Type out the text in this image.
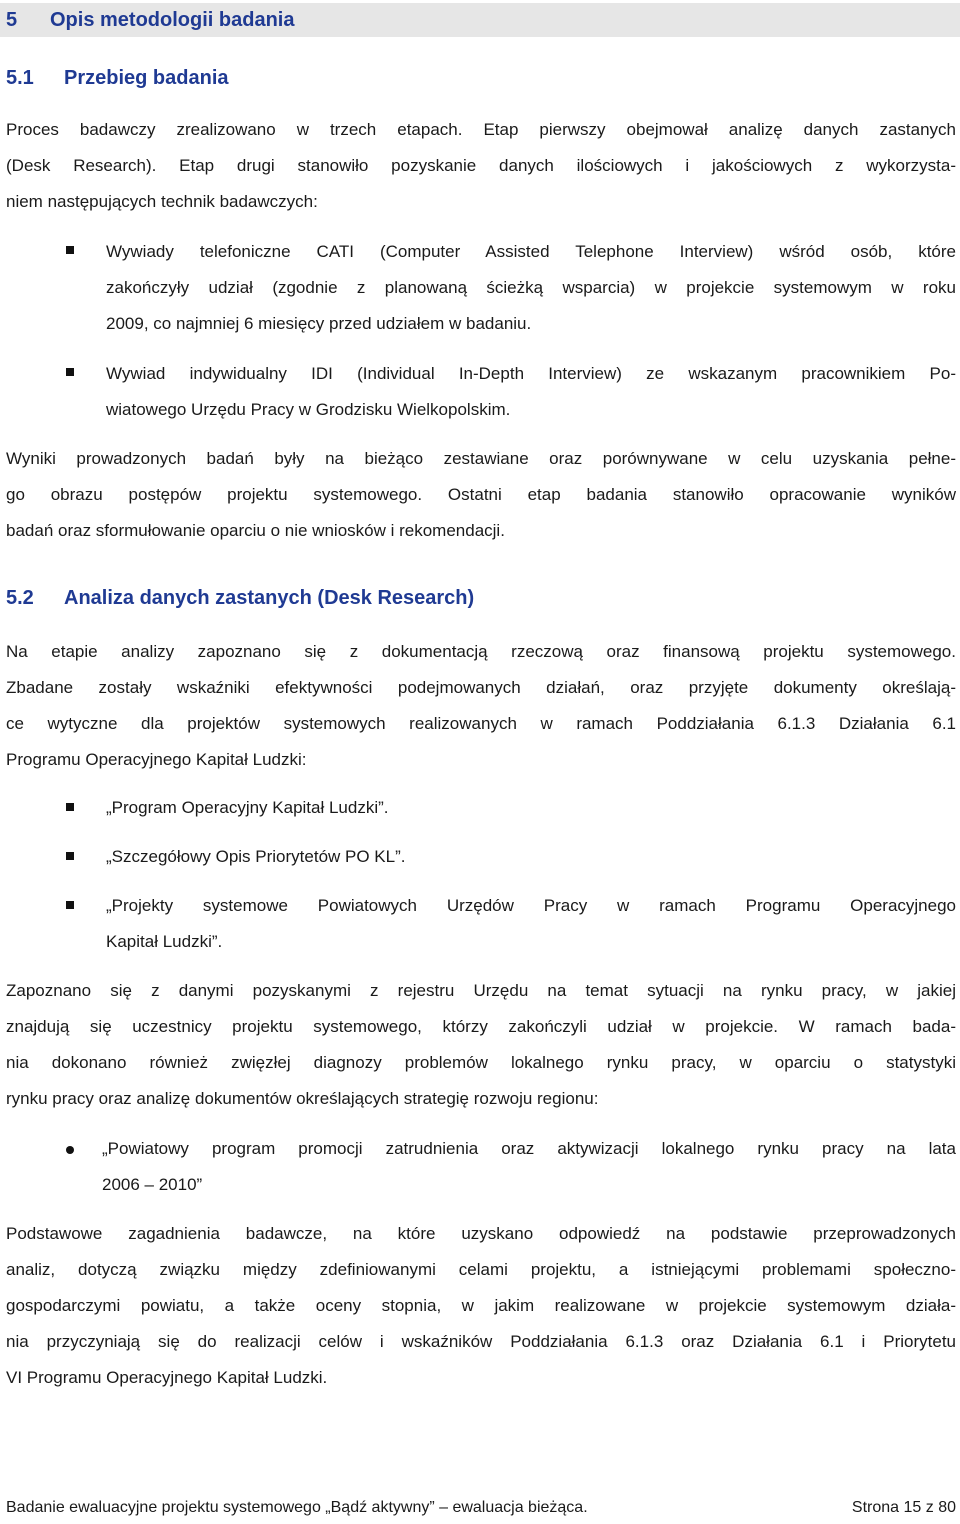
5 Opis metodologii badania
5.1 Przebieg badania
Proces badawczy zrealizowano w trzech etapach. Etap pierwszy obejmował analizę danych zastanych
(Desk Research). Etap drugi stanowiło pozyskanie danych ilościowych i jakościowych z wykorzysta-
niem następujących technik badawczych:
Wywiady telefoniczne CATI (Computer Assisted Telephone Interview) wśród osób, które
zakończyły udział (zgodnie z planowaną ścieżką wsparcia) w projekcie systemowym w roku
2009, co najmniej 6 miesięcy przed udziałem w badaniu.
Wywiad indywidualny IDI (Individual In-Depth Interview) ze wskazanym pracownikiem Po-
wiatowego Urzędu Pracy w Grodzisku Wielkopolskim.
Wyniki prowadzonych badań były na bieżąco zestawiane oraz porównywane w celu uzyskania pełne-
go obrazu postępów projektu systemowego. Ostatni etap badania stanowiło opracowanie wyników
badań oraz sformułowanie oparciu o nie wniosków i rekomendacji.
5.2 Analiza danych zastanych (Desk Research)
Na etapie analizy zapoznano się z dokumentacją rzeczową oraz finansową projektu systemowego.
Zbadane zostały wskaźniki efektywności podejmowanych działań, oraz przyjęte dokumenty określają-
ce wytyczne dla projektów systemowych realizowanych w ramach Poddziałania 6.1.3 Działania 6.1
Programu Operacyjnego Kapitał Ludzki:
„Program Operacyjny Kapitał Ludzki”.
„Szczegółowy Opis Priorytetów PO KL”.
„Projekty systemowe Powiatowych Urzędów Pracy w ramach Programu Operacyjnego
Kapitał Ludzki”.
Zapoznano się z danymi pozyskanymi z rejestru Urzędu na temat sytuacji na rynku pracy, w jakiej
znajdują się uczestnicy projektu systemowego, którzy zakończyli udział w projekcie. W ramach bada-
nia dokonano również zwięzłej diagnozy problemów lokalnego rynku pracy, w oparciu o statystyki
rynku pracy oraz analizę dokumentów określających strategię rozwoju regionu:
„Powiatowy program promocji zatrudnienia oraz aktywizacji lokalnego rynku pracy na lata
2006 – 2010”
Podstawowe zagadnienia badawcze, na które uzyskano odpowiedź na podstawie przeprowadzonych
analiz, dotyczą związku między zdefiniowanymi celami projektu, a istniejącymi problemami społeczno-
gospodarczymi powiatu, a także oceny stopnia, w jakim realizowane w projekcie systemowym działa-
nia przyczyniają się do realizacji celów i wskaźników Poddziałania 6.1.3 oraz Działania 6.1 i Priorytetu
VI Programu Operacyjnego Kapitał Ludzki.
Badanie ewaluacyjne projektu systemowego „Bądź aktywny” – ewaluacja bieżąca.	Strona 15 z 80
